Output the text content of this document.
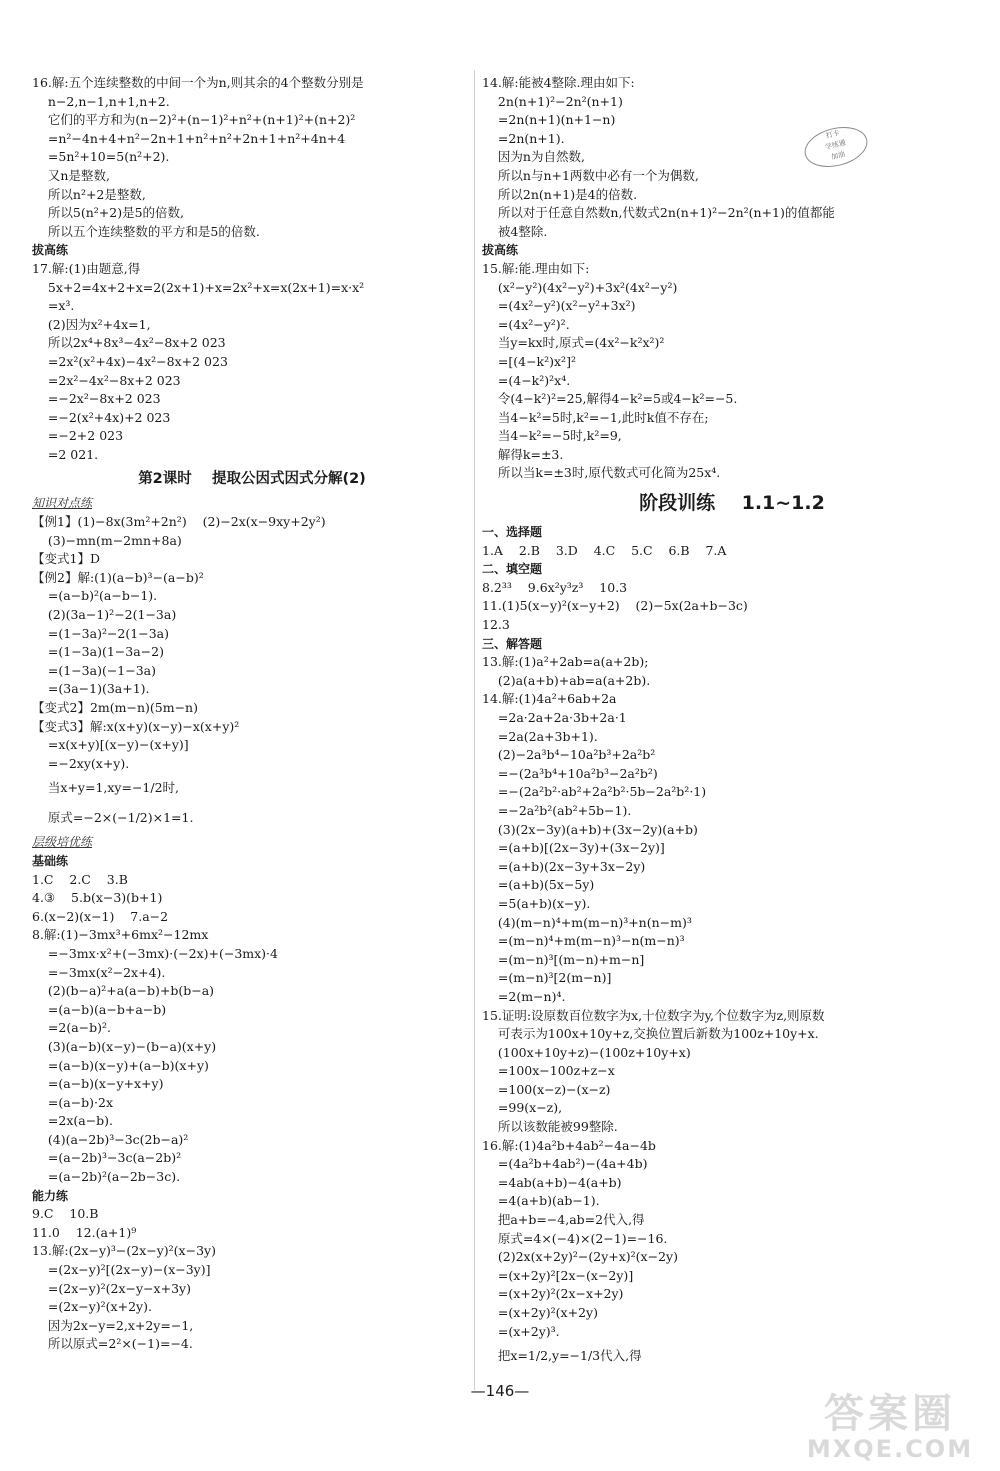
16.解:五个连续整数的中间一个为n,则其余的4个整数分别是
n−2,n−1,n+1,n+2.
它们的平方和为(n−2)²+(n−1)²+n²+(n+1)²+(n+2)²
=n²−4n+4+n²−2n+1+n²+n²+2n+1+n²+4n+4
=5n²+10=5(n²+2).
又n是整数,
所以n²+2是整数,
所以5(n²+2)是5的倍数,
所以五个连续整数的平方和是5的倍数.
拔高练
17.解:(1)由题意,得
5x+2=4x+2+x=2(2x+1)+x=2x²+x=x(2x+1)=x·x²
=x³.
(2)因为x²+4x=1,
所以2x⁴+8x³−4x²−8x+2 023
=2x²(x²+4x)−4x²−8x+2 023
=2x²−4x²−8x+2 023
=−2x²−8x+2 023
=−2(x²+4x)+2 023
=−2+2 023
=2 021.
第2课时    提取公因式因式分解(2)
知识对点练
【例1】(1)−8x(3m²+2n²)    (2)−2x(x−9xy+2y²)
(3)−mn(m−2mn+8a)
【变式1】D
【例2】解:(1)(a−b)³−(a−b)²
=(a−b)²(a−b−1).
(2)(3a−1)²−2(1−3a)
=(1−3a)²−2(1−3a)
=(1−3a)(1−3a−2)
=(1−3a)(−1−3a)
=(3a−1)(3a+1).
【变式2】2m(m−n)(5m−n)
【变式3】解:x(x+y)(x−y)−x(x+y)²
=x(x+y)[(x−y)−(x+y)]
=−2xy(x+y).
当x+y=1,xy=−1/2时,
原式=−2×(−1/2)×1=1.
层级培优练
基础练
1.C    2.C    3.B
4.③    5.b(x−3)(b+1)
6.(x−2)(x−1)    7.a−2
8.解:(1)−3mx³+6mx²−12mx
=−3mx·x²+(−3mx)·(−2x)+(−3mx)·4
=−3mx(x²−2x+4).
(2)(b−a)²+a(a−b)+b(b−a)
=(a−b)(a−b+a−b)
=2(a−b)².
(3)(a−b)(x−y)−(b−a)(x+y)
=(a−b)(x−y)+(a−b)(x+y)
=(a−b)(x−y+x+y)
=(a−b)·2x
=2x(a−b).
(4)(a−2b)³−3c(2b−a)²
=(a−2b)³−3c(a−2b)²
=(a−2b)²(a−2b−3c).
能力练
9.C    10.B
11.0    12.(a+1)⁹
13.解:(2x−y)³−(2x−y)²(x−3y)
=(2x−y)²[(2x−y)−(x−3y)]
=(2x−y)²(2x−y−x+3y)
=(2x−y)²(x+2y).
因为2x−y=2,x+2y=−1,
所以原式=2²×(−1)=−4.
14.解:能被4整除.理由如下:
2n(n+1)²−2n²(n+1)
=2n(n+1)(n+1−n)
=2n(n+1).
因为n为自然数,
所以n与n+1两数中必有一个为偶数,
所以2n(n+1)是4的倍数.
所以对于任意自然数n,代数式2n(n+1)²−2n²(n+1)的值都能
被4整除.
拔高练
15.解:能.理由如下:
(x²−y²)(4x²−y²)+3x²(4x²−y²)
=(4x²−y²)(x²−y²+3x²)
=(4x²−y²)².
当y=kx时,原式=(4x²−k²x²)²
=[(4−k²)x²]²
=(4−k²)²x⁴.
令(4−k²)²=25,解得4−k²=5或4−k²=−5.
当4−k²=5时,k²=−1,此时k值不存在;
当4−k²=−5时,k²=9,
解得k=±3.
所以当k=±3时,原代数式可化简为25x⁴.
阶段训练    1.1~1.2
一、选择题
1.A    2.B    3.D    4.C    5.C    6.B    7.A
二、填空题
8.2³³    9.6x²y³z³    10.3
11.(1)5(x−y)²(x−y+2)    (2)−5x(2a+b−3c)
12.3
三、解答题
13.解:(1)a²+2ab=a(a+2b);
(2)a(a+b)+ab=a(a+2b).
14.解:(1)4a²+6ab+2a
=2a·2a+2a·3b+2a·1
=2a(2a+3b+1).
(2)−2a³b⁴−10a²b³+2a²b²
=−(2a³b⁴+10a²b³−2a²b²)
=−(2a²b²·ab²+2a²b²·5b−2a²b²·1)
=−2a²b²(ab²+5b−1).
(3)(2x−3y)(a+b)+(3x−2y)(a+b)
=(a+b)[(2x−3y)+(3x−2y)]
=(a+b)(2x−3y+3x−2y)
=(a+b)(5x−5y)
=5(a+b)(x−y).
(4)(m−n)⁴+m(m−n)³+n(n−m)³
=(m−n)⁴+m(m−n)³−n(m−n)³
=(m−n)³[(m−n)+m−n]
=(m−n)³[2(m−n)]
=2(m−n)⁴.
15.证明:设原数百位数字为x,十位数字为y,个位数字为z,则原数
可表示为100x+10y+z,交换位置后新数为100z+10y+x.
(100x+10y+z)−(100z+10y+x)
=100x−100z+z−x
=100(x−z)−(x−z)
=99(x−z),
所以该数能被99整除.
16.解:(1)4a²b+4ab²−4a−4b
=(4a²b+4ab²)−(4a+4b)
=4ab(a+b)−4(a+b)
=4(a+b)(ab−1).
把a+b=−4,ab=2代入,得
原式=4×(−4)×(2−1)=−16.
(2)2x(x+2y)²−(2y+x)²(x−2y)
=(x+2y)²[2x−(x−2y)]
=(x+2y)²(2x−x+2y)
=(x+2y)²(x+2y)
=(x+2y)³.
把x=1/2,y=−1/3代入,得
打卡
学练通
加油
—146—	答案圈
MXQE.COM
